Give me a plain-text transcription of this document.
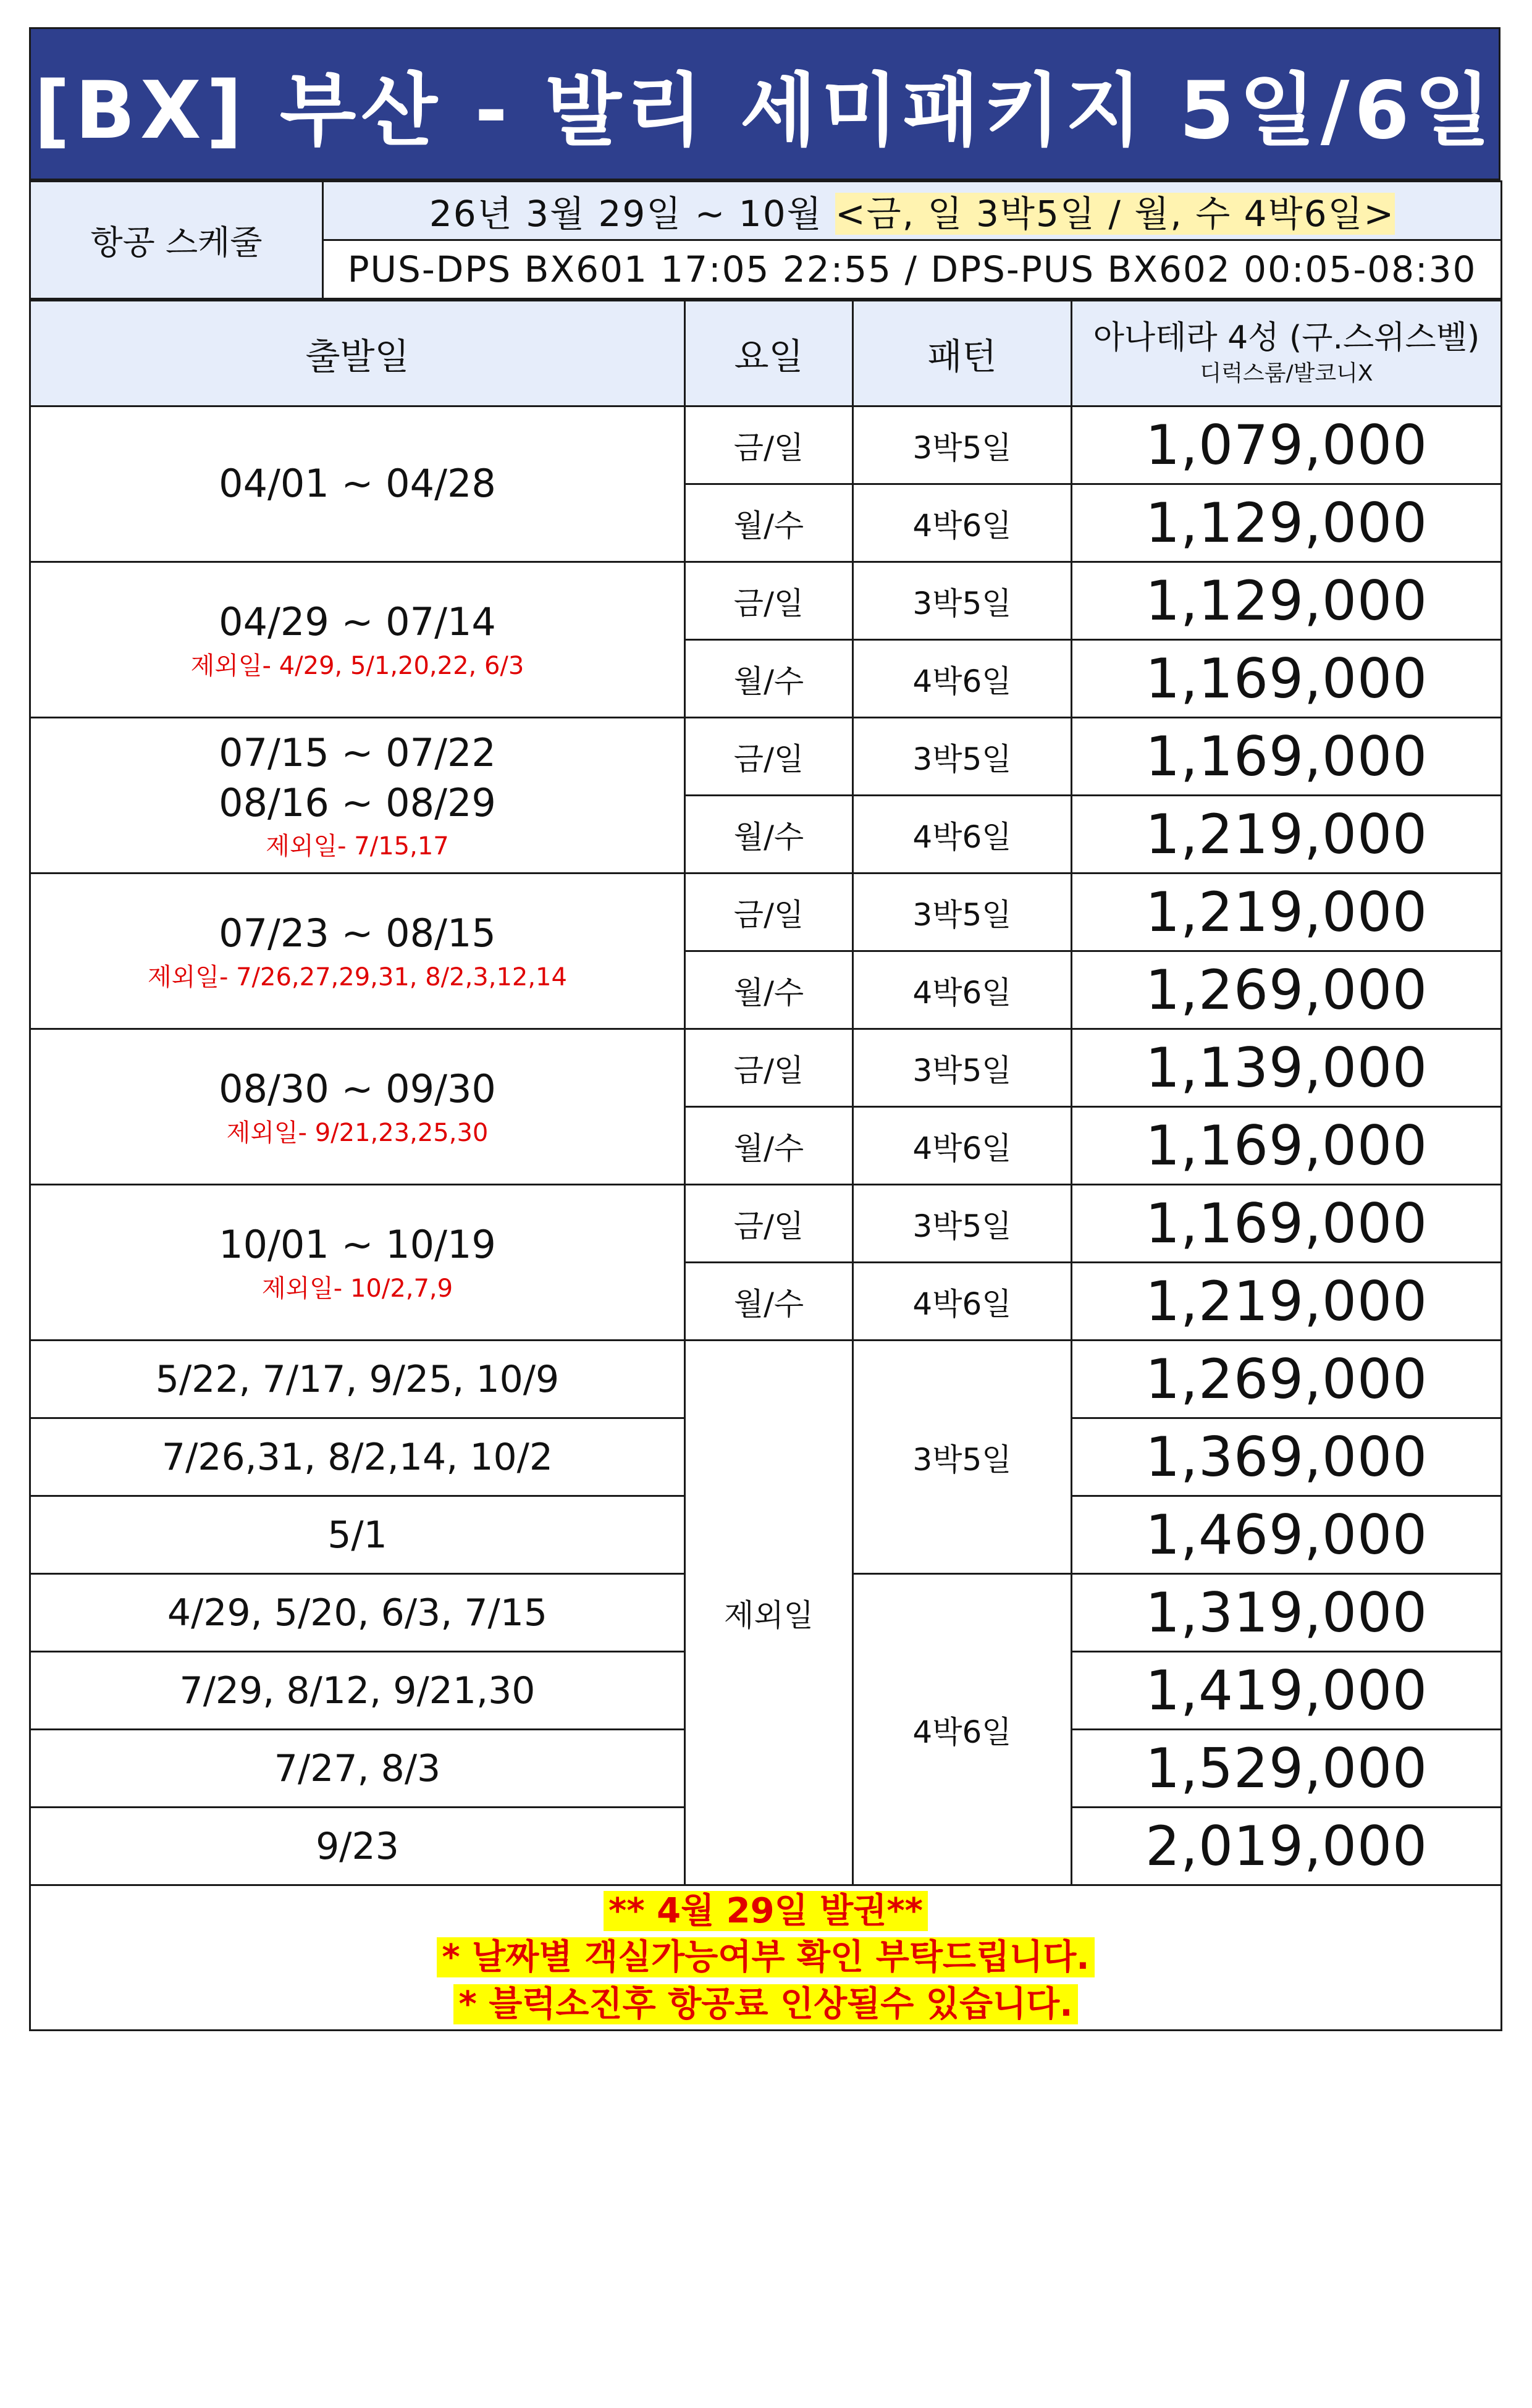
[BX] 부산 - 발리 세미패키지 5일/6일
항공 스케줄	26년 3월 29일 ~ 10월 <금, 일 3박5일 / 월, 수 4박6일>
PUS-DPS BX601 17:05 22:55 / DPS-PUS BX602 00:05-08:30
출발일	요일	패턴	아나테라 4성 (구.스위스벨)
디럭스룸/발코니X

04/01 ~ 04/28	금/일	3박5일	1,079,000
	월/수	4박6일	1,129,000

04/29 ~ 07/14
제외일- 4/29, 5/1,20,22, 6/3	금/일	3박5일	1,129,000
	월/수	4박6일	1,169,000

07/15 ~ 07/22
08/16 ~ 08/29
제외일- 7/15,17	금/일	3박5일	1,169,000
	월/수	4박6일	1,219,000

07/23 ~ 08/15
제외일- 7/26,27,29,31, 8/2,3,12,14	금/일	3박5일	1,219,000
	월/수	4박6일	1,269,000

08/30 ~ 09/30
제외일- 9/21,23,25,30	금/일	3박5일	1,139,000
	월/수	4박6일	1,169,000

10/01 ~ 10/19
제외일- 10/2,7,9	금/일	3박5일	1,169,000
	월/수	4박6일	1,219,000
5/22, 7/17, 9/25, 10/9	제외일	3박5일	1,269,000
7/26,31, 8/2,14, 10/2			1,369,000
5/1			1,469,000
4/29, 5/20, 6/3, 7/15		4박6일	1,319,000
7/29, 8/12, 9/21,30			1,419,000
7/27, 8/3			1,529,000
9/23			2,019,000

** 4월 29일 발권**
* 날짜별 객실가능여부 확인 부탁드립니다.
* 블럭소진후 항공료 인상될수 있습니다.			
